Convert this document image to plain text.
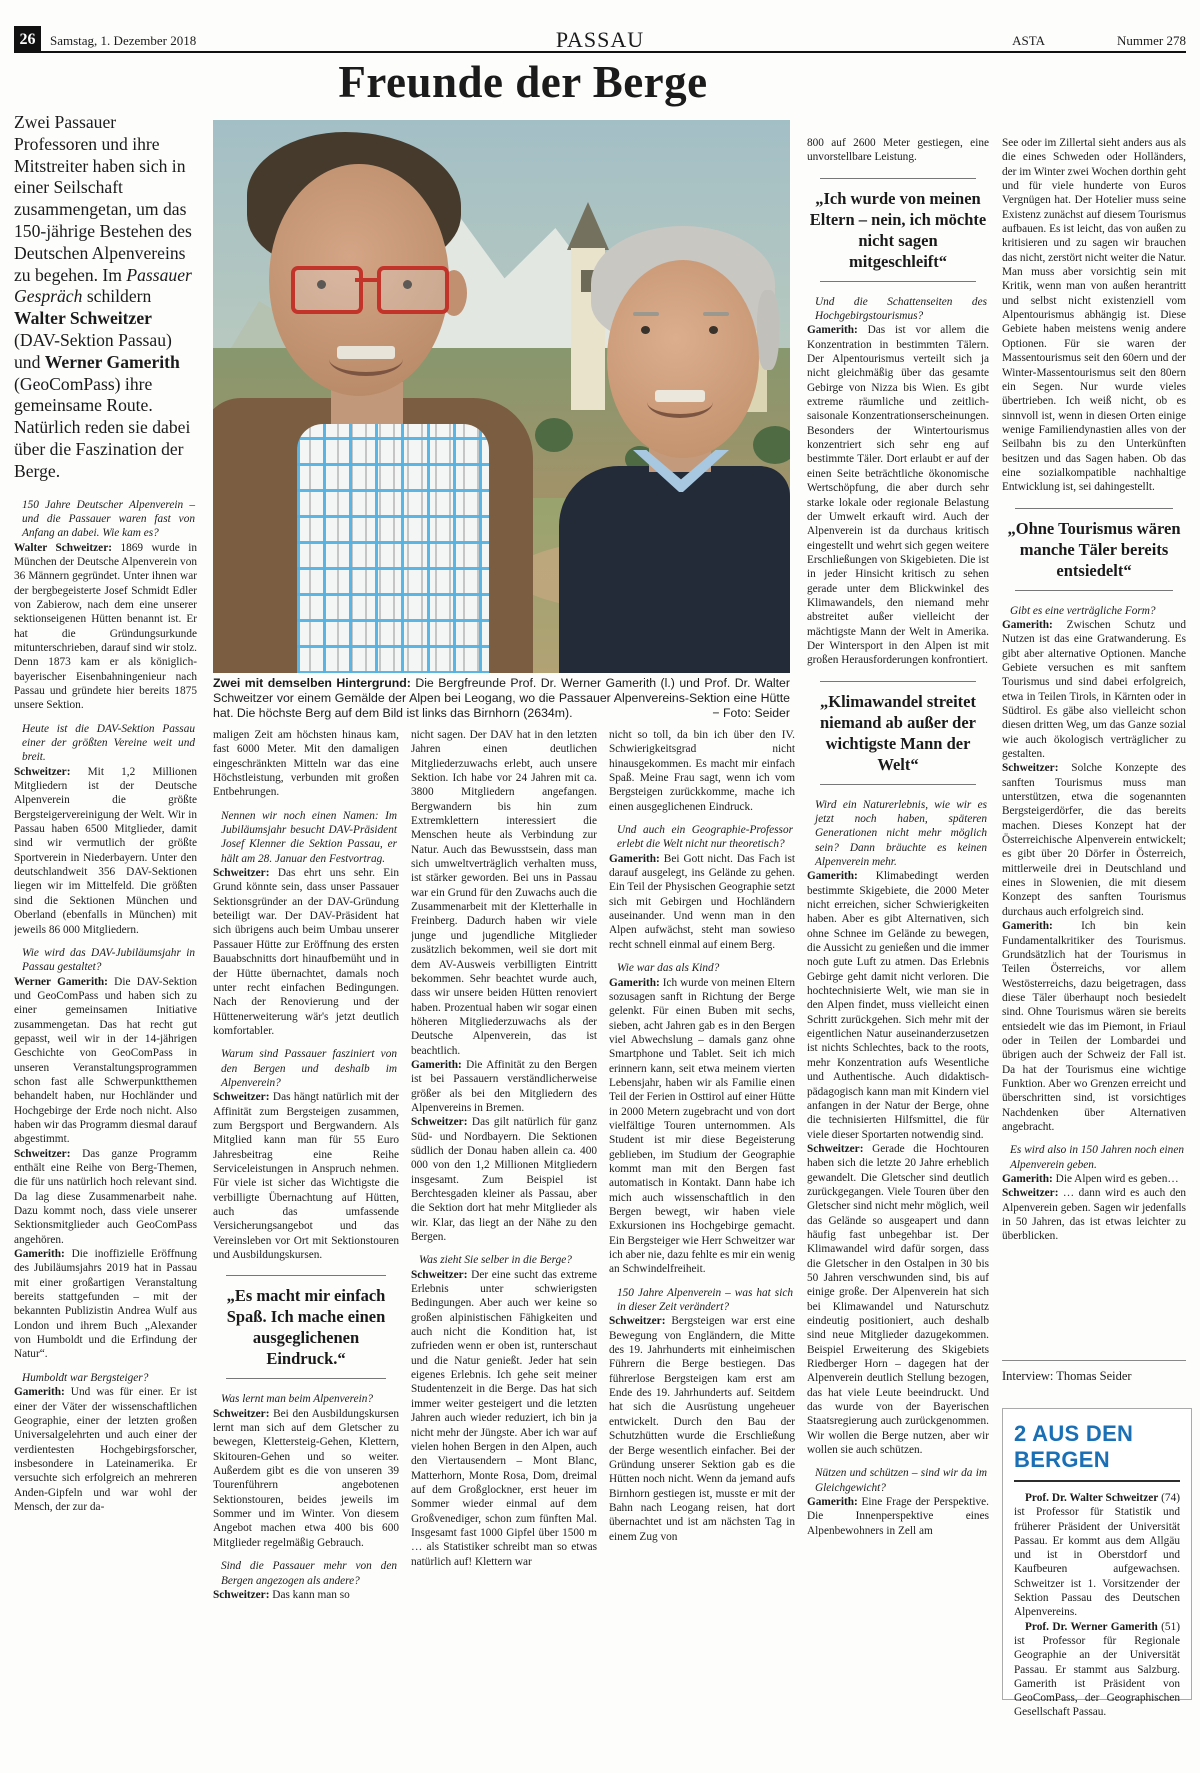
26	Samstag, 1. Dezember 2018	PASSAU	ASTA	Nummer 278
Freunde der Berge
Zwei Passauer Professoren und ihre Mitstreiter haben sich in einer Seilschaft zusammengetan, um das 150-jährige Bestehen des Deutschen Alpenvereins zu begehen. Im Passauer Gespräch schildern Walter Schweitzer (DAV-Sektion Passau) und Werner Gamerith (GeoComPass) ihre gemeinsame Route. Natürlich reden sie dabei über die Faszination der Berge.

150 Jahre Deutscher Alpenverein – und die Passauer waren fast von Anfang an dabei. Wie kam es?

Walter Schweitzer: 1869 wurde in München der Deutsche Alpenverein von 36 Männern gegründet. Unter ihnen war der bergbegeisterte Josef Schmidt Edler von Zabierow, nach dem eine unserer sektionseigenen Hütten benannt ist. Er hat die Gründungsurkunde mitunterschrieben, darauf sind wir stolz. Denn 1873 kam er als königlich-bayerischer Eisenbahningenieur nach Passau und gründete hier bereits 1875 unsere Sektion.

Heute ist die DAV-Sektion Passau einer der größten Vereine weit und breit.

Schweitzer: Mit 1,2 Millionen Mitgliedern ist der Deutsche Alpenverein die größte Bergsteigervereinigung der Welt. Wir in Passau haben 6500 Mitglieder, damit sind wir vermutlich der größte Sportverein in Niederbayern. Unter den deutschlandweit 356 DAV-Sektionen liegen wir im Mittelfeld. Die größten sind die Sektionen München und Oberland (ebenfalls in München) mit jeweils 86 000 Mitgliedern.

Wie wird das DAV-Jubiläumsjahr in Passau gestaltet?

Werner Gamerith: Die DAV-Sektion und GeoComPass und haben sich zu einer gemeinsamen Initiative zusammengetan. Das hat recht gut gepasst, weil wir in der 14-jährigen Geschichte von GeoComPass in unseren Veranstaltungsprogrammen schon fast alle Schwerpunktthemen behandelt haben, nur Hochländer und Hochgebirge der Erde noch nicht. Also haben wir das Programm diesmal darauf abgestimmt.

Schweitzer: Das ganze Programm enthält eine Reihe von Berg-Themen, die für uns natürlich hoch relevant sind. Da lag diese Zusammenarbeit nahe. Dazu kommt noch, dass viele unserer Sektionsmitglieder auch GeoComPass angehören.

Gamerith: Die inoffizielle Eröffnung des Jubiläumsjahrs 2019 hat in Passau mit einer großartigen Veranstaltung bereits stattgefunden – mit der bekannten Publizistin Andrea Wulf aus London und ihrem Buch „Alexander von Humboldt und die Erfindung der Natur“.

Humboldt war Bergsteiger?

Gamerith: Und was für einer. Er ist einer der Väter der wissenschaftlichen Geographie, einer der letzten großen Universalgelehrten und auch einer der verdientesten Hochgebirgsforscher, insbesondere in Lateinamerika. Er versuchte sich erfolgreich an mehreren Anden-Gipfeln und war wohl der Mensch, der zur da-

Zwei mit demselben Hintergrund: Die Bergfreunde Prof. Dr. Werner Gamerith (l.) und Prof. Dr. Walter Schweitzer vor einem Gemälde der Alpen bei Leogang, wo die Passauer Alpenvereins-Sektion eine Hütte hat. Die höchste Berg auf dem Bild ist links das Birnhorn (2634m).	− Foto: Seider

maligen Zeit am höchsten hinaus kam, fast 6000 Meter. Mit den damaligen eingeschränkten Mitteln war das eine Höchstleistung, verbunden mit großen Entbehrungen.

Nennen wir noch einen Namen: Im Jubiläumsjahr besucht DAV-Präsident Josef Klenner die Sektion Passau, er hält am 28. Januar den Festvortrag.

Schweitzer: Das ehrt uns sehr. Ein Grund könnte sein, dass unser Passauer Sektionsgründer an der DAV-Gründung beteiligt war. Der DAV-Präsident hat sich übrigens auch beim Umbau unserer Passauer Hütte zur Eröffnung des ersten Bauabschnitts dort hinaufbemüht und in der Hütte übernachtet, damals noch unter recht einfachen Bedingungen. Nach der Renovierung und der Hüttenerweiterung wär's jetzt deutlich komfortabler.

Warum sind Passauer fasziniert von den Bergen und deshalb im Alpenverein?

Schweitzer: Das hängt natürlich mit der Affinität zum Bergsteigen zusammen, zum Bergsport und Bergwandern. Als Mitglied kann man für 55 Euro Jahresbeitrag eine Reihe Serviceleistungen in Anspruch nehmen. Für viele ist sicher das Wichtigste die verbilligte Übernachtung auf Hütten, auch das umfassende Versicherungsangebot und das Vereinsleben vor Ort mit Sektionstouren und Ausbildungskursen.

„Es macht mir einfach Spaß. Ich mache einen ausgeglichenen Eindruck.“

Was lernt man beim Alpenverein?

Schweitzer: Bei den Ausbildungskursen lernt man sich auf dem Gletscher zu bewegen, Klettersteig-Gehen, Klettern, Skitouren-Gehen und so weiter. Außerdem gibt es die von unseren 39 Tourenführern angebotenen Sektionstouren, beides jeweils im Sommer und im Winter. Von diesem Angebot machen etwa 400 bis 600 Mitglieder regelmäßig Gebrauch.

Sind die Passauer mehr von den Bergen angezogen als andere?

Schweitzer: Das kann man so

nicht sagen. Der DAV hat in den letzten Jahren einen deutlichen Mitgliederzuwachs erlebt, auch unsere Sektion. Ich habe vor 24 Jahren mit ca. 3800 Mitgliedern angefangen. Bergwandern bis hin zum Extremklettern interessiert die Menschen heute als Verbindung zur Natur. Auch das Bewusstsein, dass man sich umweltverträglich verhalten muss, ist stärker geworden. Bei uns in Passau war ein Grund für den Zuwachs auch die Zusammenarbeit mit der Kletterhalle in Freinberg. Dadurch haben wir viele junge und jugendliche Mitglieder zusätzlich bekommen, weil sie dort mit dem AV-Ausweis verbilligten Eintritt bekommen. Sehr beachtet wurde auch, dass wir unsere beiden Hütten renoviert haben. Prozentual haben wir sogar einen höheren Mitgliederzuwachs als der Deutsche Alpenverein, das ist beachtlich.

Gamerith: Die Affinität zu den Bergen ist bei Passauern verständlicherweise größer als bei den Mitgliedern des Alpenvereins in Bremen.

Schweitzer: Das gilt natürlich für ganz Süd- und Nordbayern. Die Sektionen südlich der Donau haben allein ca. 400 000 von den 1,2 Millionen Mitgliedern insgesamt. Zum Beispiel ist Berchtesgaden kleiner als Passau, aber die Sektion dort hat mehr Mitglieder als wir. Klar, das liegt an der Nähe zu den Bergen.

Was zieht Sie selber in die Berge?

Schweitzer: Der eine sucht das extreme Erlebnis unter schwierigsten Bedingungen. Aber auch wer keine so großen alpinistischen Fähigkeiten und auch nicht die Kondition hat, ist zufrieden wenn er oben ist, runterschaut und die Natur genießt. Jeder hat sein eigenes Erlebnis. Ich gehe seit meiner Studentenzeit in die Berge. Das hat sich immer weiter gesteigert und die letzten Jahren auch wieder reduziert, ich bin ja nicht mehr der Jüngste. Aber ich war auf vielen hohen Bergen in den Alpen, auch den Viertausendern – Mont Blanc, Matterhorn, Monte Rosa, Dom, dreimal auf dem Großglockner, erst heuer im Sommer wieder einmal auf dem Großvenediger, schon zum fünften Mal. Insgesamt fast 1000 Gipfel über 1500 m … als Statistiker schreibt man so etwas natürlich auf! Klettern war

nicht so toll, da bin ich über den IV. Schwierigkeitsgrad nicht hinausgekommen. Es macht mir einfach Spaß. Meine Frau sagt, wenn ich vom Bergsteigen zurückkomme, mache ich einen ausgeglichenen Eindruck.

Und auch ein Geographie-Professor erlebt die Welt nicht nur theoretisch?

Gamerith: Bei Gott nicht. Das Fach ist darauf ausgelegt, ins Gelände zu gehen. Ein Teil der Physischen Geographie setzt sich mit Gebirgen und Hochländern auseinander. Und wenn man in den Alpen aufwächst, steht man sowieso recht schnell einmal auf einem Berg.

Wie war das als Kind?

Gamerith: Ich wurde von meinen Eltern sozusagen sanft in Richtung der Berge gelenkt. Für einen Buben mit sechs, sieben, acht Jahren gab es in den Bergen viel Abwechslung – damals ganz ohne Smartphone und Tablet. Seit ich mich erinnern kann, seit etwa meinem vierten Lebensjahr, haben wir als Familie einen Teil der Ferien in Osttirol auf einer Hütte in 2000 Metern zugebracht und von dort vielfältige Touren unternommen. Als Student ist mir diese Begeisterung geblieben, im Studium der Geographie kommt man mit den Bergen fast automatisch in Kontakt. Dann habe ich mich auch wissenschaftlich in den Bergen bewegt, wir haben viele Exkursionen ins Hochgebirge gemacht. Ein Bergsteiger wie Herr Schweitzer war ich aber nie, dazu fehlte es mir ein wenig an Schwindelfreiheit.

150 Jahre Alpenverein – was hat sich in dieser Zeit verändert?

Schweitzer: Bergsteigen war erst eine Bewegung von Engländern, die Mitte des 19. Jahrhunderts mit einheimischen Führern die Berge bestiegen. Das führerlose Bergsteigen kam erst am Ende des 19. Jahrhunderts auf. Seitdem hat sich die Ausrüstung ungeheuer entwickelt. Durch den Bau der Schutzhütten wurde die Erschließung der Berge wesentlich einfacher. Bei der Gründung unserer Sektion gab es die Hütten noch nicht. Wenn da jemand aufs Birnhorn gestiegen ist, musste er mit der Bahn nach Leogang reisen, hat dort übernachtet und ist am nächsten Tag in einem Zug von

800 auf 2600 Meter gestiegen, eine unvorstellbare Leistung.

„Ich wurde von meinen Eltern – nein, ich möchte nicht sagen mitgeschleift“

Und die Schattenseiten des Hochgebirgstourismus?

Gamerith: Das ist vor allem die Konzentration in bestimmten Tälern. Der Alpentourismus verteilt sich ja nicht gleichmäßig über das gesamte Gebirge von Nizza bis Wien. Es gibt extreme räumliche und zeitlich-saisonale Konzentrationserscheinungen. Besonders der Wintertourismus konzentriert sich sehr eng auf bestimmte Täler. Dort erlaubt er auf der einen Seite beträchtliche ökonomische Wertschöpfung, die aber durch sehr starke lokale oder regionale Belastung der Umwelt erkauft wird. Auch der Alpenverein ist da durchaus kritisch eingestellt und wehrt sich gegen weitere Erschließungen von Skigebieten. Die ist in jeder Hinsicht kritisch zu sehen gerade unter dem Blickwinkel des Klimawandels, den niemand mehr abstreitet außer vielleicht der mächtigste Mann der Welt in Amerika. Der Wintersport in den Alpen ist mit großen Herausforderungen konfrontiert.

„Klimawandel streitet niemand ab außer der wichtigste Mann der Welt“

Wird ein Naturerlebnis, wie wir es jetzt noch haben, späteren Generationen nicht mehr möglich sein? Dann bräuchte es keinen Alpenverein mehr.

Gamerith: Klimabedingt werden bestimmte Skigebiete, die 2000 Meter nicht erreichen, sicher Schwierigkeiten haben. Aber es gibt Alternativen, sich ohne Schnee im Gelände zu bewegen, die Aussicht zu genießen und die immer noch gute Luft zu atmen. Das Erlebnis Gebirge geht damit nicht verloren. Die hochtechnisierte Welt, wie man sie in den Alpen findet, muss vielleicht einen Schritt zurückgehen. Sich mehr mit der eigentlichen Natur auseinanderzusetzen ist nichts Schlechtes, back to the roots, mehr Konzentration aufs Wesentliche und Authentische. Auch didaktisch-pädagogisch kann man mit Kindern viel anfangen in der Natur der Berge, ohne die technisierten Hilfsmittel, die für viele dieser Sportarten notwendig sind.

Schweitzer: Gerade die Hochtouren haben sich die letzte 20 Jahre erheblich gewandelt. Die Gletscher sind deutlich zurückgegangen. Viele Touren über den Gletscher sind nicht mehr möglich, weil das Gelände so ausgeapert und dann häufig fast unbegehbar ist. Der Klimawandel wird dafür sorgen, dass die Gletscher in den Ostalpen in 30 bis 50 Jahren verschwunden sind, bis auf einige große. Der Alpenverein hat sich bei Klimawandel und Naturschutz eindeutig positioniert, auch deshalb sind neue Mitglieder dazugekommen. Beispiel Erweiterung des Skigebiets Riedberger Horn – dagegen hat der Alpenverein deutlich Stellung bezogen, das hat viele Leute beeindruckt. Und das wurde von der Bayerischen Staatsregierung auch zurückgenommen. Wir wollen die Berge nutzen, aber wir wollen sie auch schützen.

Nützen und schützen – sind wir da im Gleichgewicht?

Gamerith: Eine Frage der Perspektive. Die Innenperspektive eines Alpenbewohners in Zell am

See oder im Zillertal sieht anders aus als die eines Schweden oder Holländers, der im Winter zwei Wochen dorthin geht und für viele hunderte von Euros Vergnügen hat. Der Hotelier muss seine Existenz zunächst auf diesem Tourismus aufbauen. Es ist leicht, das von außen zu kritisieren und zu sagen wir brauchen das nicht, zerstört nicht weiter die Natur. Man muss aber vorsichtig sein mit Kritik, wenn man von außen herantritt und selbst nicht existenziell vom Alpentourismus abhängig ist. Diese Gebiete haben meistens wenig andere Optionen. Für sie waren der Massentourismus seit den 60ern und der Winter-Massentourismus seit den 80ern ein Segen. Nur wurde vieles übertrieben. Ich weiß nicht, ob es sinnvoll ist, wenn in diesen Orten einige wenige Familiendynastien alles von der Seilbahn bis zu den Unterkünften besitzen und das Sagen haben. Ob das eine sozialkompatible nachhaltige Entwicklung ist, sei dahingestellt.

„Ohne Tourismus wären manche Täler bereits entsiedelt“

Gibt es eine verträgliche Form?

Gamerith: Zwischen Schutz und Nutzen ist das eine Gratwanderung. Es gibt aber alternative Optionen. Manche Gebiete versuchen es mit sanftem Tourismus und sind dabei erfolgreich, etwa in Teilen Tirols, in Kärnten oder in Südtirol. Es gäbe also vielleicht schon diesen dritten Weg, um das Ganze sozial wie auch ökologisch verträglicher zu gestalten.

Schweitzer: Solche Konzepte des sanften Tourismus muss man unterstützen, etwa die sogenannten Bergsteigerdörfer, die das bereits machen. Dieses Konzept hat der Österreichische Alpenverein entwickelt; es gibt über 20 Dörfer in Österreich, mittlerweile drei in Deutschland und eines in Slowenien, die mit diesem Konzept des sanften Tourismus durchaus auch erfolgreich sind.

Gamerith: Ich bin kein Fundamentalkritiker des Tourismus. Grundsätzlich hat der Tourismus in Teilen Österreichs, vor allem Westösterreichs, dazu beigetragen, dass diese Täler überhaupt noch besiedelt sind. Ohne Tourismus wären sie bereits entsiedelt wie das im Piemont, in Friaul oder in Teilen der Lombardei und übrigen auch der Schweiz der Fall ist. Da hat der Tourismus eine wichtige Funktion. Aber wo Grenzen erreicht und überschritten sind, ist vorsichtiges Nachdenken über Alternativen angebracht.

Es wird also in 150 Jahren noch einen Alpenverein geben.

Gamerith: Die Alpen wird es geben…

Schweitzer: … dann wird es auch den Alpenverein geben. Sagen wir jedenfalls in 50 Jahren, das ist etwas leichter zu überblicken.

Interview: Thomas Seider
2 AUS DEN BERGEN

Prof. Dr. Walter Schweitzer (74) ist Professor für Statistik und früherer Präsident der Universität Passau. Er kommt aus dem Allgäu und ist in Oberstdorf und Kaufbeuren aufgewachsen. Schweitzer ist 1. Vorsitzender der Sektion Passau des Deutschen Alpenvereins.

Prof. Dr. Werner Gamerith (51) ist Professor für Regionale Geographie an der Universität Passau. Er stammt aus Salzburg. Gamerith ist Präsident von GeoComPass, der Geographischen Gesellschaft Passau.
